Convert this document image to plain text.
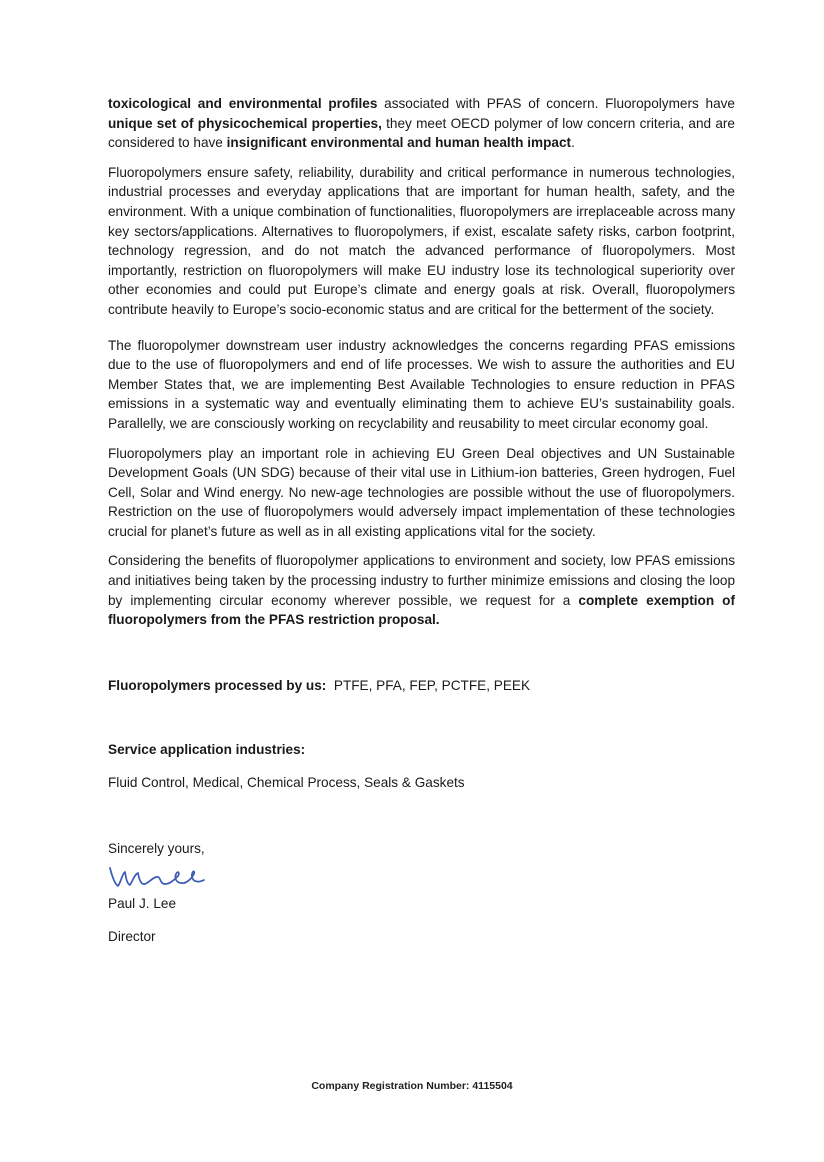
toxicological and environmental profiles associated with PFAS of concern. Fluoropolymers have unique set of physicochemical properties, they meet OECD polymer of low concern criteria, and are considered to have insignificant environmental and human health impact.

Fluoropolymers ensure safety, reliability, durability and critical performance in numerous technologies, industrial processes and everyday applications that are important for human health, safety, and the environment. With a unique combination of functionalities, fluoropolymers are irreplaceable across many key sectors/applications. Alternatives to fluoropolymers, if exist, escalate safety risks, carbon footprint, technology regression, and do not match the advanced performance of fluoropolymers. Most importantly, restriction on fluoropolymers will make EU industry lose its technological superiority over other economies and could put Europe’s climate and energy goals at risk. Overall, fluoropolymers contribute heavily to Europe’s socio-economic status and are critical for the betterment of the society.

The fluoropolymer downstream user industry acknowledges the concerns regarding PFAS emissions due to the use of fluoropolymers and end of life processes. We wish to assure the authorities and EU Member States that, we are implementing Best Available Technologies to ensure reduction in PFAS emissions in a systematic way and eventually eliminating them to achieve EU’s sustainability goals. Parallelly, we are consciously working on recyclability and reusability to meet circular economy goal.

Fluoropolymers play an important role in achieving EU Green Deal objectives and UN Sustainable Development Goals (UN SDG) because of their vital use in Lithium-ion batteries, Green hydrogen, Fuel Cell, Solar and Wind energy. No new-age technologies are possible without the use of fluoropolymers. Restriction on the use of fluoropolymers would adversely impact implementation of these technologies crucial for planet’s future as well as in all existing applications vital for the society.

Considering the benefits of fluoropolymer applications to environment and society, low PFAS emissions and initiatives being taken by the processing industry to further minimize emissions and closing the loop by implementing circular economy wherever possible, we request for a complete exemption of fluoropolymers from the PFAS restriction proposal.

Fluoropolymers processed by us: PTFE, PFA, FEP, PCTFE, PEEK

Service application industries:

Fluid Control, Medical, Chemical Process, Seals & Gaskets

Sincerely yours,

Paul J. Lee

Director

Company Registration Number: 4115504
